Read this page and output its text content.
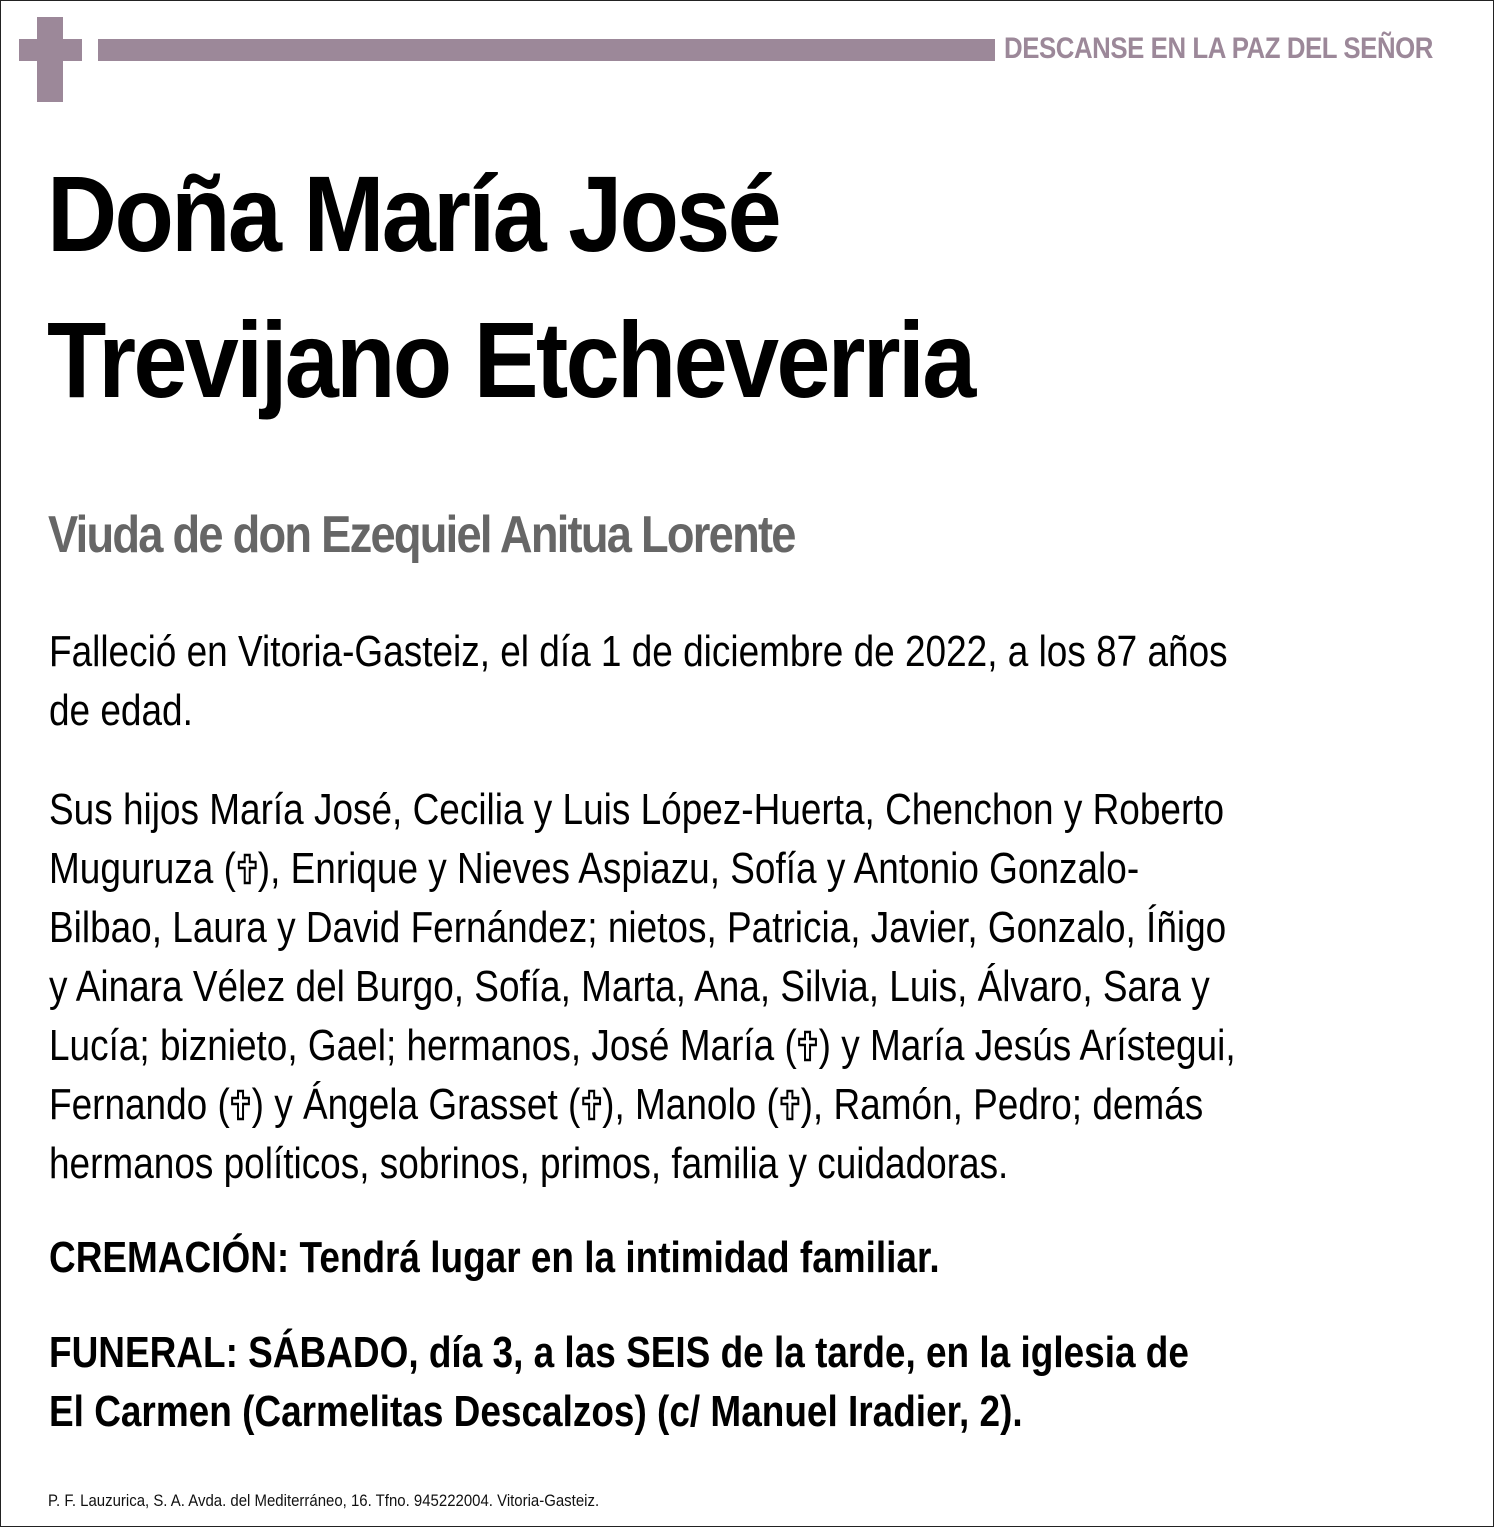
DESCANSE EN LA PAZ DEL SEÑOR
Doña María José
Trevijano Etcheverria
Viuda de don Ezequiel Anitua Lorente
Falleció en Vitoria-Gasteiz, el día 1 de diciembre de 2022, a los 87 años
de edad.
Sus hijos María José, Cecilia y Luis López-Huerta, Chenchon y Roberto
Muguruza ( ), Enrique y Nieves Aspiazu, Sofía y Antonio Gonzalo-
Bilbao, Laura y David Fernández; nietos, Patricia, Javier, Gonzalo, Íñigo
y Ainara Vélez del Burgo, Sofía, Marta, Ana, Silvia, Luis, Álvaro, Sara y
Lucía; biznieto, Gael; hermanos, José María ( ) y María Jesús Arístegui,
Fernando ( ) y Ángela Grasset ( ), Manolo ( ), Ramón, Pedro; demás
hermanos políticos, sobrinos, primos, familia y cuidadoras.
CREMACIÓN: Tendrá lugar en la intimidad familiar.
FUNERAL: SÁBADO, día 3, a las SEIS de la tarde, en la iglesia de
El Carmen (Carmelitas Descalzos) (c/ Manuel Iradier, 2).
P. F. Lauzurica, S. A. Avda. del Mediterráneo, 16. Tfno. 945222004. Vitoria-Gasteiz.
